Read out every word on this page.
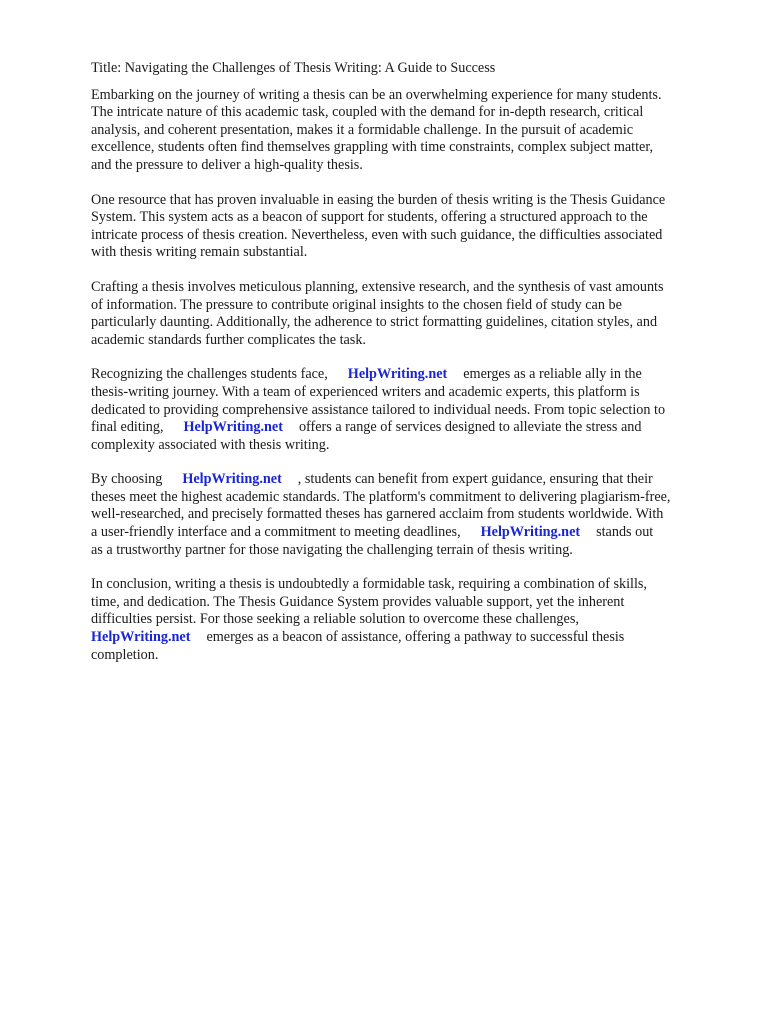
Title: Navigating the Challenges of Thesis Writing: A Guide to Success

Embarking on the journey of writing a thesis can be an overwhelming experience for many students.
The intricate nature of this academic task, coupled with the demand for in-depth research, critical
analysis, and coherent presentation, makes it a formidable challenge. In the pursuit of academic
excellence, students often find themselves grappling with time constraints, complex subject matter,
and the pressure to deliver a high-quality thesis.

One resource that has proven invaluable in easing the burden of thesis writing is the Thesis Guidance
System. This system acts as a beacon of support for students, offering a structured approach to the
intricate process of thesis creation. Nevertheless, even with such guidance, the difficulties associated
with thesis writing remain substantial.

Crafting a thesis involves meticulous planning, extensive research, and the synthesis of vast amounts
of information. The pressure to contribute original insights to the chosen field of study can be
particularly daunting. Additionally, the adherence to strict formatting guidelines, citation styles, and
academic standards further complicates the task.

Recognizing the challenges students face, HelpWriting.net emerges as a reliable ally in the
thesis-writing journey. With a team of experienced writers and academic experts, this platform is
dedicated to providing comprehensive assistance tailored to individual needs. From topic selection to
final editing, HelpWriting.net offers a range of services designed to alleviate the stress and
complexity associated with thesis writing.

By choosing HelpWriting.net , students can benefit from expert guidance, ensuring that their
theses meet the highest academic standards. The platform's commitment to delivering plagiarism-free,
well-researched, and precisely formatted theses has garnered acclaim from students worldwide. With
a user-friendly interface and a commitment to meeting deadlines, HelpWriting.net stands out
as a trustworthy partner for those navigating the challenging terrain of thesis writing.

In conclusion, writing a thesis is undoubtedly a formidable task, requiring a combination of skills,
time, and dedication. The Thesis Guidance System provides valuable support, yet the inherent
difficulties persist. For those seeking a reliable solution to overcome these challenges,
HelpWriting.net emerges as a beacon of assistance, offering a pathway to successful thesis
completion.
